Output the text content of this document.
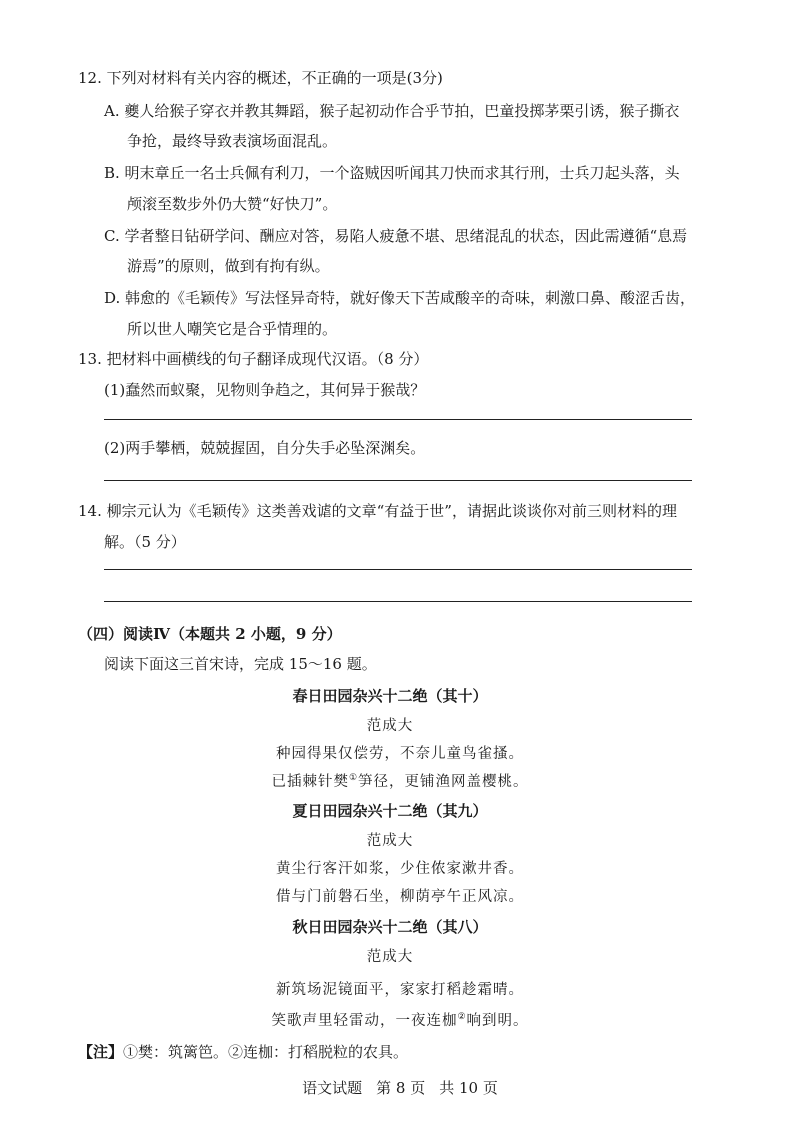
12. 下列对材料有关内容的概述，不正确的一项是(3分)
A. 夔人给猴子穿衣并教其舞蹈，猴子起初动作合乎节拍，巴童投掷茅栗引诱，猴子撕衣
争抢，最终导致表演场面混乱。
B. 明末章丘一名士兵佩有利刀，一个盗贼因听闻其刀快而求其行刑，士兵刀起头落，头
颅滚至数步外仍大赞“好快刀”。
C. 学者整日钻研学问、酬应对答，易陷人疲惫不堪、思绪混乱的状态，因此需遵循“息焉
游焉”的原则，做到有拘有纵。
D. 韩愈的《毛颖传》写法怪异奇特，就好像天下苦咸酸辛的奇味，刺激口鼻、酸涩舌齿，
所以世人嘲笑它是合乎情理的。
13. 把材料中画横线的句子翻译成现代汉语。（8 分）
(1)蠢然而蚁聚，见物则争趋之，其何异于猴哉？
(2)两手攀栖，兢兢握固，自分失手必坠深渊矣。
14. 柳宗元认为《毛颖传》这类善戏谑的文章“有益于世”，请据此谈谈你对前三则材料的理
解。（5 分）
（四）阅读Ⅳ（本题共 2 小题，9 分）
阅读下面这三首宋诗，完成 15～16 题。
春日田园杂兴十二绝（其十）
范成大
种园得果仅偿劳，不奈儿童鸟雀搔。
已插棘针樊①笋径，更铺渔网盖樱桃。
夏日田园杂兴十二绝（其九）
范成大
黄尘行客汗如浆，少住侬家漱井香。
借与门前磐石坐，柳荫亭午正风凉。
秋日田园杂兴十二绝（其八）
范成大
新筑场泥镜面平，家家打稻趁霜晴。
笑歌声里轻雷动，一夜连枷②响到明。
【注】①樊：筑篱笆。②连枷：打稻脱粒的农具。
语文试题 第 8 页 共 10 页
